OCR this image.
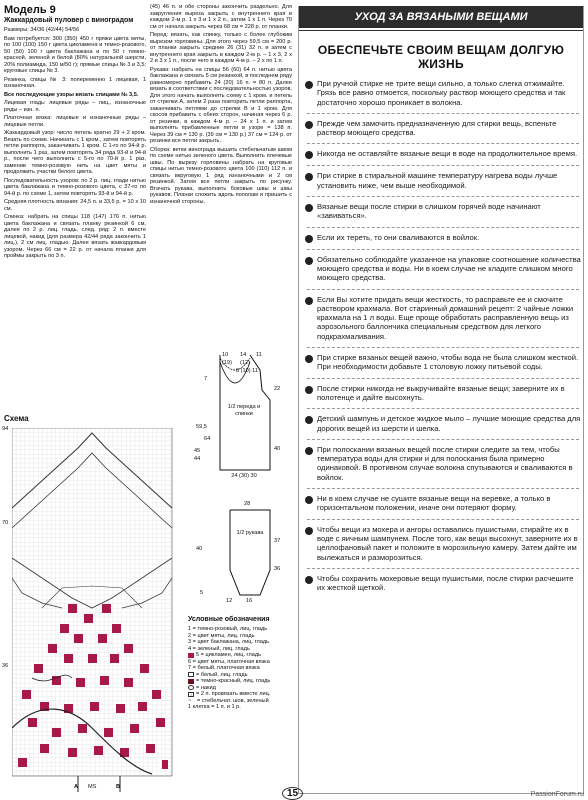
Модель 9
Жаккардовый пуловер с виноградом
Размеры: 34/36 (42/44) 54/56
Вам потребуется: 300 (350) 450 г пряжи цвета мяты, по 100 (100) 150 г цвета цикламена и темно-розового, 50 (50) 100 г цвета баклажана и по 50 г темно-красной, зеленой и белой (80% натуральной шерсти, 20% полиамида, 150 м/50 г); прямые спицы № 3 и 3,5; круговые спицы № 3.
Резинка, спицы № 3: попеременно 1 лицевая, 1 изнаночная.
Все последующие узоры вязать спицами № 3,5.
Лицевая гладь: лицевые ряды – лиц., изнаночные ряды – изн. п.
Платочная вязка: лицевые и изнаночные ряды – лицевые петли.
Жаккардовый узор: число петель кратно 29 + 2 кром. Вязать по схеме. Начинать с 1 кром., затем повторять петли раппорта, заканчивать 1 кром. С 1-го по 94-й р. выполнить 1 раз, затем повторять 34 ряда 93-й и 94-й р., после чего выполнить с 5-го по 70-й р. 1 раз, заменив темно-розовую нить на цвет мяты и продолжить участки белого цвета.
Последовательность узоров: по 2 р. лиц. глади нитью цвета баклажана и темно-розового цвета, с 37-го по 94-й р. по схеме 1, затем повторять 93-й и 94-й р.
Средняя плотность вязания: 24,5 п. и 33,5 р. = 10 х 10 см.
Спинка: набрать на спицы 118 (147) 176 п. нитью цвета баклажана и связать планку резинкой 6 см, далее по 2 р. лиц. гладь, след. ряд: 2 п. вместе лицевой, накид (для размера 42/44 ряда закончить 1 лиц.), 2 см лиц. гладью. Далее вязать жаккардовым узором. Через 66 см = 22 р. от начала планки для проймы закрыть по 3 п.
Схема
94
70
36
A MS	B
(45) 46 п. и обе стороны закончить раздельно. Для закругления выреза закрыть с внутреннего края в каждом 2-м р. 1 х 3 и 1 х 2 п., затем 1 х 1 п. Через 70 см от начала закрыть через 68 см = 228 р. от планки.
Перед: вязать, как спинку, только с более глубоким вырезом горловины. Для этого через 59,5 см = 200 р. от планки закрыть средние 26 (31) 32 п. и затем с внутреннего края закрыть в каждом 2-м р. – 1 х 3, 2 х 2 и 3 х 1 п., после чего в каждом 4-м р. – 2 х по 1 п.
Рукава: набрать на спицы 56 (60) 64 п. нитью цвета баклажана и связать 5 см резинкой, в последнем ряду равномерно прибавить 24 (20) 16 п. = 80 п. Далее вязать в соответствии с последовательностью узоров. Для этого начать выполнять схему с 1 кром. и петель от стрелки А, затем 2 раза повторить петли раппорта, заканчивать петлями до стрелки В и 1 кром. Для скосов прибавить с обеих сторон, начиная через 6 р. от резинки, в каждом 4-м р. – 24 х 1 п. и затем выполнять прибавленные петли в узоре = 138 п. Через 39 см = 130 р. (39 см = 130 р.) 37 см = 124 р. от резинки все петли закрыть.
Сборка: ветки винограда вышить стебельчатым швом по схеме нитью зеленого цвета. Выполнить плечевые швы. По вырезу горловины набрать на круговые спицы нитью темно-розового цвета 100 (110) 112 п. и связать вкруговую 1 ряд изнаночными и 2 см резинкой. Затем все петли закрыть по рисунку. Втачать рукава, выполнить боковые швы и швы рукавов. Планки сложить вдоль пополам и пришить с изнаночной стороны.
10 14 11
(19) (12)
8 (10) 11
7
59,5
64
45
44
22
40
1/2 переда и спинки
24 (30) 30
28
1/2 рукава
40
5
37
36
12 16
Условные обозначения
1 = темно-розовый, лиц. гладь
2 = цвет мяты, лиц. гладь
3 = цвет баклажана, лиц. гладь
4 = зеленый, лиц. гладь
5 = цикламен, лиц. гладь
6 = цвет мяты, платочная вязка
7 = белый, платочная вязка
= белый, лиц. гладь
= темно-красный, лиц. гладь
= накид
/ = 2 п. провязать вместе лиц.
~	= стебельчат. шов, зеленый
1 клетка = 1 п. и 1 р.
УХОД ЗА ВЯЗАНЫМИ ВЕЩАМИ
ОБЕСПЕЧЬТЕ СВОИМ ВЕЩАМ ДОЛГУЮ ЖИЗНЬ
При ручной стирке не трите вещи сильно, а только слегка отжимайте. Грязь все равно отмоется, поскольку раствор моющего средства и так достаточно хорошо проникает в волокна.
Прежде чем замочить предназначенную для стирки вещь, вспеньте раствор моющего средства.
Никогда не оставляйте вязаные вещи в воде на продолжительное время.
При стирке в стиральной машине температуру нагрева воды лучше установить ниже, чем выше необходимой.
Вязаные вещи после стирки в слишком горячей воде начинают «завиваться».
Если их тереть, то они сваливаются в войлок.
Обязательно соблюдайте указанное на упаковке соотношение количества моющего средства и воды. Ни в коем случае не кладите слишком много моющего средства.
Если Вы хотите придать вещи жесткость, то расправьте ее и смочите раствором крахмала. Вот старинный домашний рецепт: 2 чайные ложки крахмала на 1 л воды. Еще проще обработать расправленную вещь из аэрозольного баллончика специальным средством для легкого подкрахмаливания.
При стирке вязаных вещей важно, чтобы вода не была слишком жесткой. При необходимости добавьте 1 столовую ложку питьевой соды.
После стирки никогда не выкручивайте вязаные вещи; заверните их в полотенце и дайте высохнуть.
Детский шампунь и детское жидкое мыло – лучшие моющие средства для дорогих вещей из шерсти и шелка.
При полоскании вязаных вещей после стирки следите за тем, чтобы температура воды для стирки и для полоскания была примерно одинаковой. В противном случае волокна спутываются и сваливаются в войлок.
Ни в коем случае не сушите вязаные вещи на веревке, а только в горизонтальном положении, иначе они потеряют форму.
Чтобы вещи из мохера и ангоры оставались пушистыми, стирайте их в воде с яичным шампунем. После того, как вещи высохнут, заверните их в целлофановый пакет и положите в морозильную камеру. Затем дайте им вылежаться и разморозиться.
Чтобы сохранить мохеровые вещи пушистыми, после стирки расчешите их жесткой щеткой.
15	PassionForum.ru
